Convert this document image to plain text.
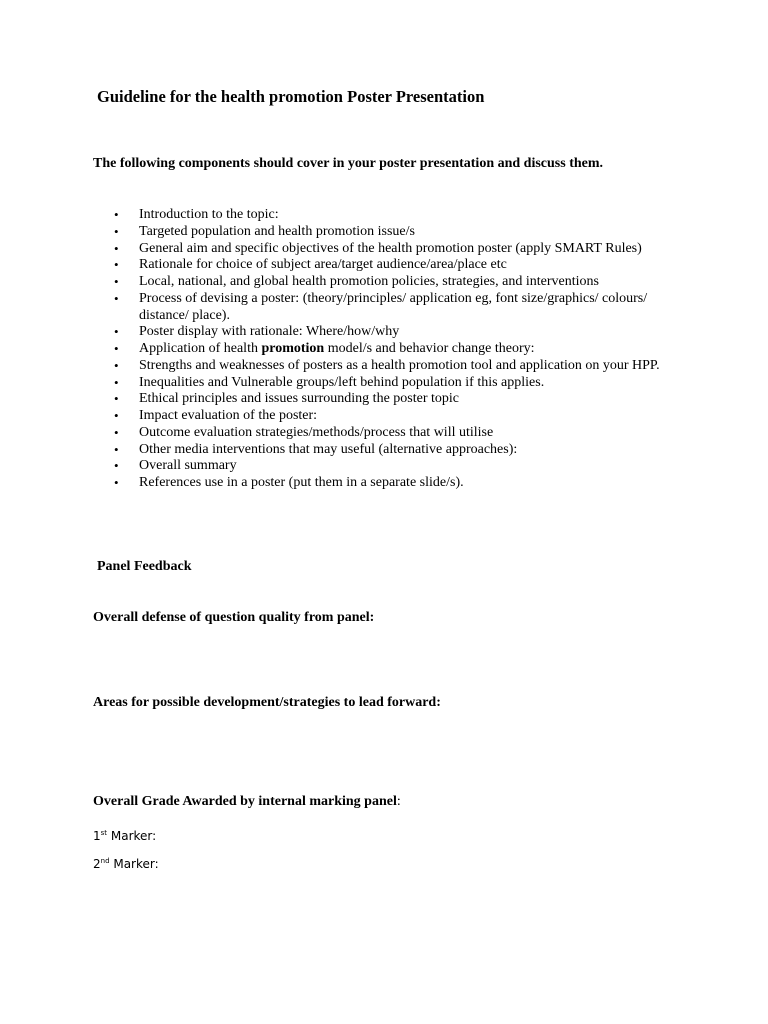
Guideline for the health promotion Poster Presentation

The following components should cover in your poster presentation and discuss them.

• Introduction to the topic:
• Targeted population and health promotion issue/s
• General aim and specific objectives of the health promotion poster (apply SMART Rules)
• Rationale for choice of subject area/target audience/area/place etc
• Local, national, and global health promotion policies, strategies, and interventions
• Process of devising a poster: (theory/principles/ application eg, font size/graphics/ colours/ distance/ place).
• Poster display with rationale: Where/how/why
• Application of health promotion model/s and behavior change theory:
• Strengths and weaknesses of posters as a health promotion tool and application on your HPP.
• Inequalities and Vulnerable groups/left behind population if this applies.
• Ethical principles and issues surrounding the poster topic
• Impact evaluation of the poster:
• Outcome evaluation strategies/methods/process that will utilise
• Other media interventions that may useful (alternative approaches):
• Overall summary
• References use in a poster (put them in a separate slide/s).

Panel Feedback

Overall defense of question quality from panel:

Areas for possible development/strategies to lead forward:

Overall Grade Awarded by internal marking panel:

1st Marker:
2nd Marker:
